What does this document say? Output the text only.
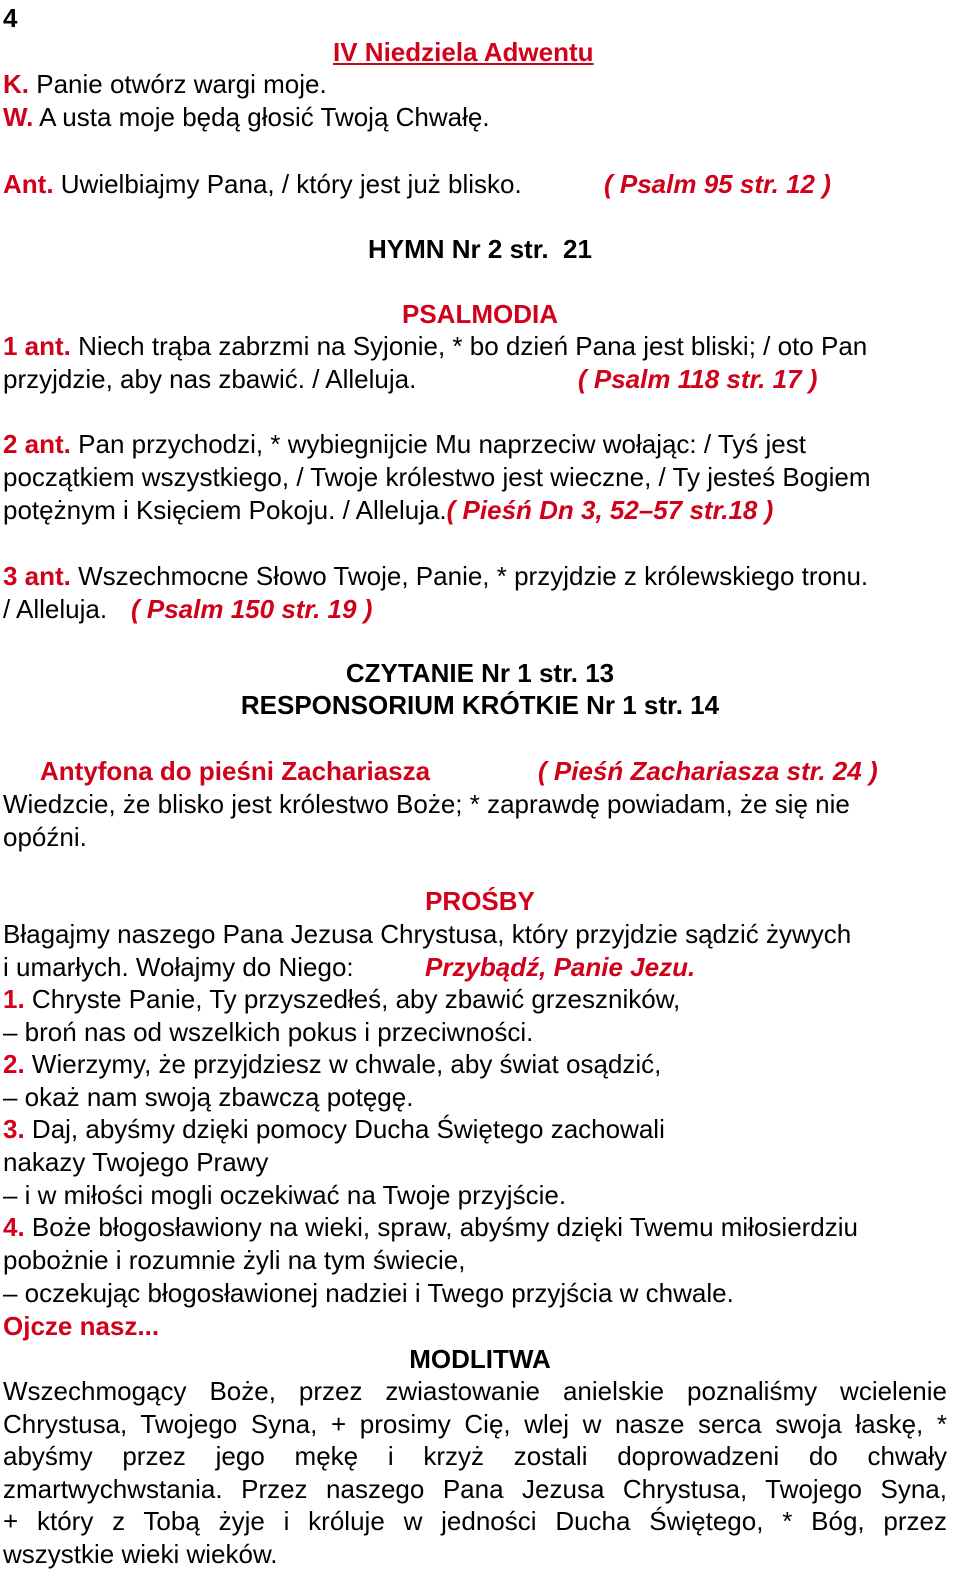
4
IV Niedziela Adwentu
K. Panie otwórz wargi moje.
W. A usta moje będą głosić Twoją Chwałę.
Ant. Uwielbiajmy Pana, / który jest już blisko.	( Psalm 95 str. 12 )
HYMN Nr 2 str.  21
PSALMODIA
1 ant. Niech trąba zabrzmi na Syjonie, * bo dzień Pana jest bliski; / oto Pan
przyjdzie, aby nas zbawić. / Alleluja.	( Psalm 118 str. 17 )
2 ant. Pan przychodzi, * wybiegnijcie Mu naprzeciw wołając: / Tyś jest
początkiem wszystkiego, / Twoje królestwo jest wieczne, / Ty jesteś Bogiem
potężnym i Księciem Pokoju. / Alleluja.( Pieśń Dn 3, 52–57 str.18 )
3 ant. Wszechmocne Słowo Twoje, Panie, * przyjdzie z królewskiego tronu.
/ Alleluja. ( Psalm 150 str. 19 )
CZYTANIE Nr 1 str. 13
RESPONSORIUM KRÓTKIE Nr 1 str. 14
Antyfona do pieśni Zachariasza	( Pieśń Zachariasza str. 24 )
Wiedzcie, że blisko jest królestwo Boże; * zaprawdę powiadam, że się nie
opóźni.
PROŚBY
Błagajmy naszego Pana Jezusa Chrystusa, który przyjdzie sądzić żywych
i umarłych. Wołajmy do Niego:	Przybądź, Panie Jezu.
1. Chryste Panie, Ty przyszedłeś, aby zbawić grzeszników,
– broń nas od wszelkich pokus i przeciwności.
2. Wierzymy, że przyjdziesz w chwale, aby świat osądzić,
– okaż nam swoją zbawczą potęgę.
3. Daj, abyśmy dzięki pomocy Ducha Świętego zachowali
nakazy Twojego Prawy
– i w miłości mogli oczekiwać na Twoje przyjście.
4. Boże błogosławiony na wieki, spraw, abyśmy dzięki Twemu miłosierdziu
pobożnie i rozumnie żyli na tym świecie,
– oczekując błogosławionej nadziei i Twego przyjścia w chwale.
Ojcze nasz...
MODLITWA
Wszechmogący Boże, przez zwiastowanie anielskie poznaliśmy wcielenie
Chrystusa, Twojego Syna, + prosimy Cię, wlej w nasze serca swoja łaskę, *
abyśmy przez jego mękę i krzyż zostali doprowadzeni do chwały
zmartwychwstania. Przez naszego Pana Jezusa Chrystusa, Twojego Syna,
+ który z Tobą żyje i króluje w jedności Ducha Świętego, * Bóg, przez
wszystkie wieki wieków.
